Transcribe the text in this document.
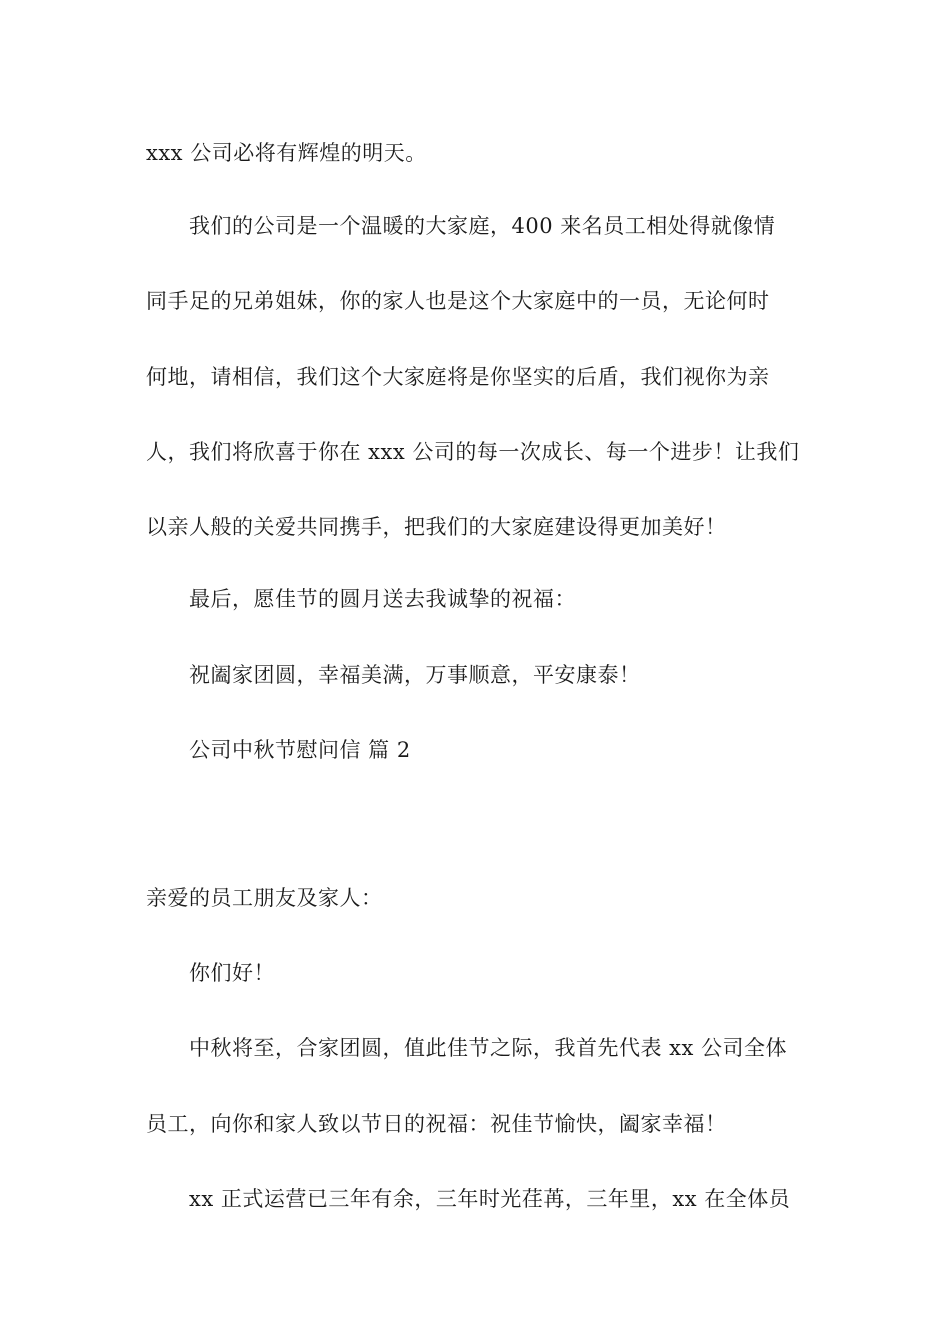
xxx 公司必将有辉煌的明天。
我们的公司是一个温暖的大家庭，400 来名员工相处得就像情
同手足的兄弟姐妹，你的家人也是这个大家庭中的一员，无论何时
何地，请相信，我们这个大家庭将是你坚实的后盾，我们视你为亲
人，我们将欣喜于你在 xxx 公司的每一次成长、每一个进步！让我们
以亲人般的关爱共同携手，把我们的大家庭建设得更加美好！
最后，愿佳节的圆月送去我诚挚的祝福：
祝阖家团圆，幸福美满，万事顺意，平安康泰！
公司中秋节慰问信 篇 2
亲爱的员工朋友及家人：
你们好！
中秋将至，合家团圆，值此佳节之际，我首先代表 xx 公司全体
员工，向你和家人致以节日的祝福：祝佳节愉快，阖家幸福！
xx 正式运营已三年有余，三年时光荏苒，三年里，xx 在全体员
